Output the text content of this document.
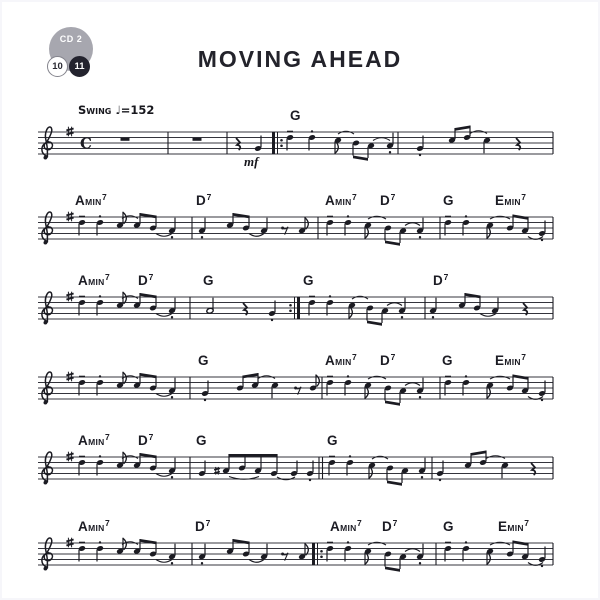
CD 2
10	11	MOVING AHEAD
Swing ♩=152
mf
C
G
AMIN$^7$	$D^7$	AMIN$^7$ $D^7$	G	EMIN$^7$
AMIN$^7$ $D^7$	G	G	$D^7$
G	AMIN$^7$ $D^7$	G	EMIN$^7$
AMIN$^7$ $D^7$	G	G
AMIN$^7$	$D^7$	AMIN$^7$ $D^7$	G	EMIN$^7$
